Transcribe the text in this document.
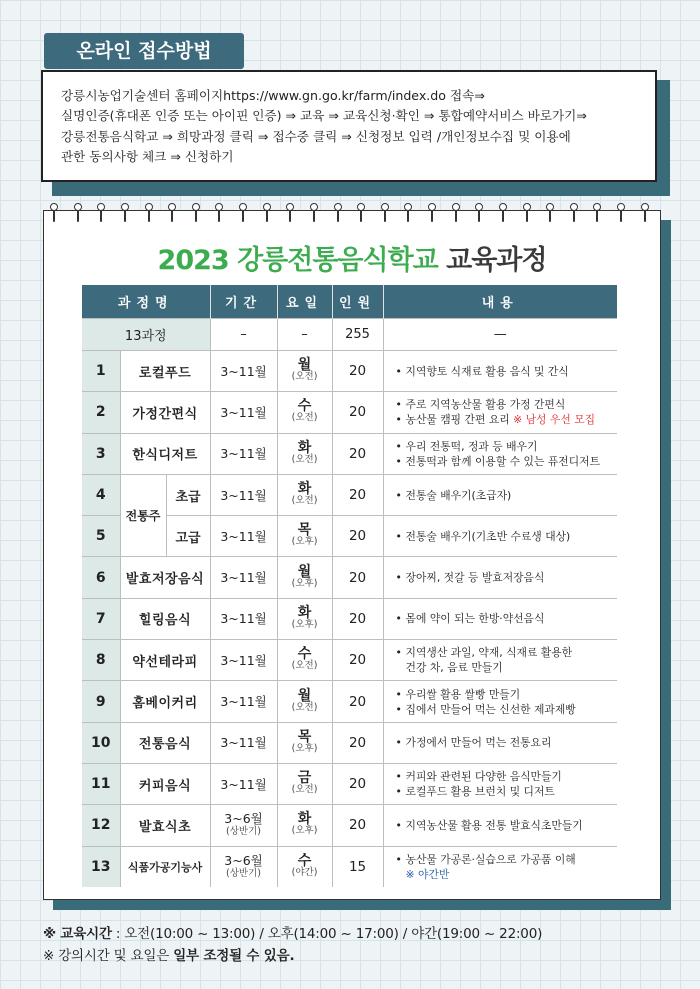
온라인 접수방법
강릉시농업기술센터 홈페이지https://www.gn.go.kr/farm/index.do 접속⇒
실명인증(휴대폰 인증 또는 아이핀 인증) ⇒ 교육 ⇒ 교육신청·확인 ⇒ 통합예약서비스 바로가기⇒
강릉전통음식학교 ⇒ 희망과정 클릭 ⇒ 접수중 클릭 ⇒ 신청정보 입력 /개인정보수집 및 이용에
관한 동의사항 체크 ⇒ 신청하기
2023 강릉전통음식학교 교육과정
과정명			기간	요일	인원	내용
13과정			–	–	255	—
1	로컬푸드		3~11월	월
(오전)	20	• 지역향토 식재료 활용 음식 및 간식

2	가정간편식		3~11월	수
(오전)	20	• 주로 지역농산물 활용 가정 간편식
• 농산물 캠핑 간편 요리 ※ 남성 우선 모집

3	한식디저트		3~11월	화
(오전)	20	• 우리 전통떡, 정과 등 배우기
• 전통떡과 함께 이용할 수 있는 퓨전디저트

4	전통주	초급	3~11월	화
(오전)	20	• 전통술 배우기(초급자)

5		고급	3~11월	목
(오후)	20	• 전통술 배우기(기초반 수료생 대상)

6	발효저장음식		3~11월	월
(오후)	20	• 장아찌, 젓갈 등 발효저장음식

7	힐링음식		3~11월	화
(오후)	20	• 몸에 약이 되는 한방·약선음식

8	약선테라피		3~11월	수
(오전)	20	• 지역생산 과일, 약재, 식재료 활용한
건강 차, 음료 만들기

9	홈베이커리		3~11월	월
(오전)	20	• 우리쌀 활용 쌀빵 만들기
• 집에서 만들어 먹는 신선한 제과제빵

10	전통음식		3~11월	목
(오후)	20	• 가정에서 만들어 먹는 전통요리

11	커피음식		3~11월	금
(오전)	20	• 커피와 관련된 다양한 음식만들기
• 로컬푸드 활용 브런치 및 디저트

12	발효식초		3~6월
(상반기)	화
(오후)	20	• 지역농산물 활용 전통 발효식초만들기

13	식품가공기능사		3~6월
(상반기)	수
(야간)	15	• 농산물 가공론·실습으로 가공품 이해
※ 야간반
※ 교육시간 : 오전(10:00 ~ 13:00) / 오후(14:00 ~ 17:00) / 야간(19:00 ~ 22:00)
※ 강의시간 및 요일은 일부 조정될 수 있음.
